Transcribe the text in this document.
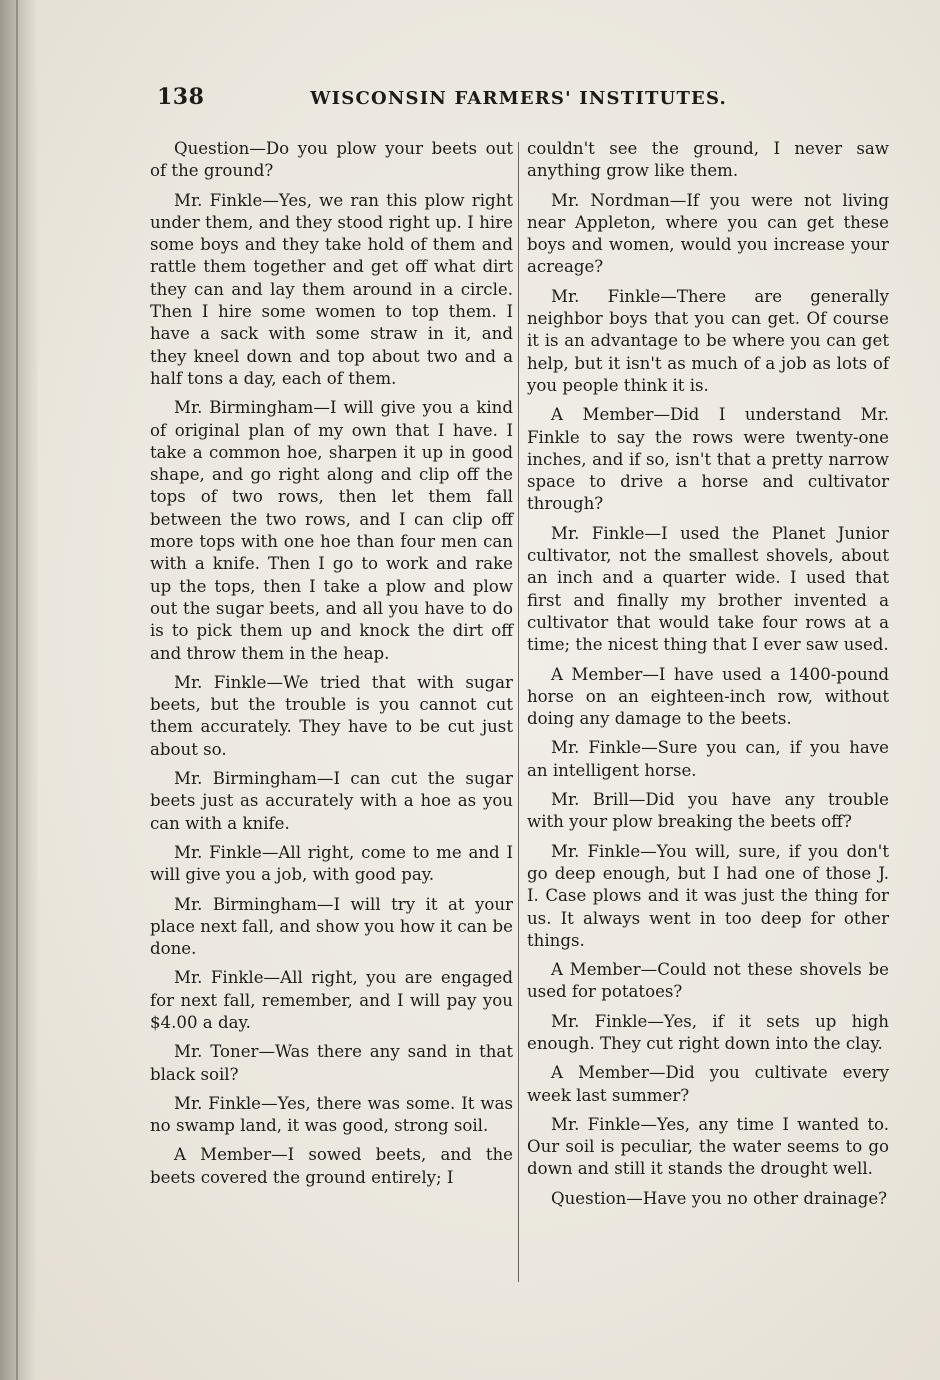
138	WISCONSIN FARMERS' INSTITUTES.

Question—Do you plow your beets out of the ground?

Mr. Finkle—Yes, we ran this plow right under them, and they stood right up. I hire some boys and they take hold of them and rattle them together and get off what dirt they can and lay them around in a circle. Then I hire some women to top them. I have a sack with some straw in it, and they kneel down and top about two and a half tons a day, each of them.

Mr. Birmingham—I will give you a kind of original plan of my own that I have. I take a common hoe, sharpen it up in good shape, and go right along and clip off the tops of two rows, then let them fall between the two rows, and I can clip off more tops with one hoe than four men can with a knife. Then I go to work and rake up the tops, then I take a plow and plow out the sugar beets, and all you have to do is to pick them up and knock the dirt off and throw them in the heap.

Mr. Finkle—We tried that with sugar beets, but the trouble is you cannot cut them accurately. They have to be cut just about so.

Mr. Birmingham—I can cut the sugar beets just as accurately with a hoe as you can with a knife.

Mr. Finkle—All right, come to me and I will give you a job, with good pay.

Mr. Birmingham—I will try it at your place next fall, and show you how it can be done.

Mr. Finkle—All right, you are engaged for next fall, remember, and I will pay you $4.00 a day.

Mr. Toner—Was there any sand in that black soil?

Mr. Finkle—Yes, there was some. It was no swamp land, it was good, strong soil.

A Member—I sowed beets, and the beets covered the ground entirely; I

couldn't see the ground, I never saw anything grow like them.

Mr. Nordman—If you were not living near Appleton, where you can get these boys and women, would you increase your acreage?

Mr. Finkle—There are generally neighbor boys that you can get. Of course it is an advantage to be where you can get help, but it isn't as much of a job as lots of you people think it is.

A Member—Did I understand Mr. Finkle to say the rows were twenty-one inches, and if so, isn't that a pretty narrow space to drive a horse and cultivator through?

Mr. Finkle—I used the Planet Junior cultivator, not the smallest shovels, about an inch and a quarter wide. I used that first and finally my brother invented a cultivator that would take four rows at a time; the nicest thing that I ever saw used.

A Member—I have used a 1400-pound horse on an eighteen-inch row, without doing any damage to the beets.

Mr. Finkle—Sure you can, if you have an intelligent horse.

Mr. Brill—Did you have any trouble with your plow breaking the beets off?

Mr. Finkle—You will, sure, if you don't go deep enough, but I had one of those J. I. Case plows and it was just the thing for us. It always went in too deep for other things.

A Member—Could not these shovels be used for potatoes?

Mr. Finkle—Yes, if it sets up high enough. They cut right down into the clay.

A Member—Did you cultivate every week last summer?

Mr. Finkle—Yes, any time I wanted to. Our soil is peculiar, the water seems to go down and still it stands the drought well.

Question—Have you no other drainage?
